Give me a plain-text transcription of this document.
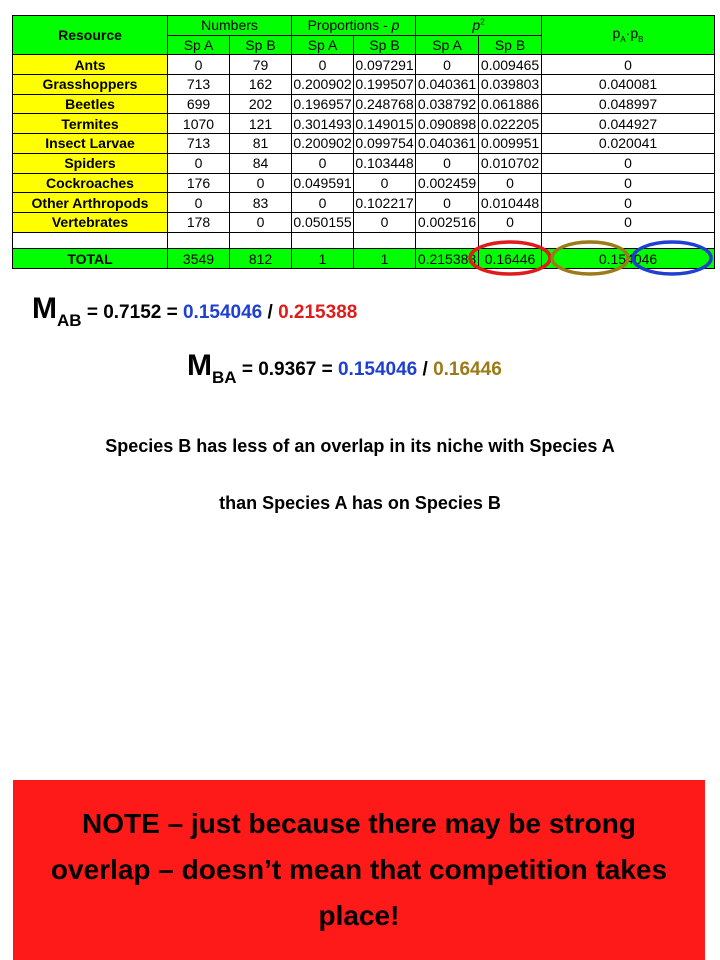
Resource	Numbers		Proportions - p		$p^2$		$p_A\cdot p_B$
	Sp A	Sp B	Sp A	Sp B	Sp A	Sp B	
Ants	0	79	0	0.097291	0	0.009465	0
Grasshoppers	713	162	0.200902	0.199507	0.040361	0.039803	0.040081
Beetles	699	202	0.196957	0.248768	0.038792	0.061886	0.048997
Termites	1070	121	0.301493	0.149015	0.090898	0.022205	0.044927
Insect Larvae	713	81	0.200902	0.099754	0.040361	0.009951	0.020041
Spiders	0	84	0	0.103448	0	0.010702	0
Cockroaches	176	0	0.049591	0	0.002459	0	0
Other Arthropods	0	83	0	0.102217	0	0.010448	0
Vertebrates	178	0	0.050155	0	0.002516	0	0

TOTAL	3549	812	1	1	0.215388	0.16446	0.154046
MAB = 0.7152 = 0.154046 / 0.215388
MBA = 0.9367 = 0.154046 / 0.16446
Species B has less of an overlap in its niche with Species A
than Species A has on Species B
NOTE – just because there may be strong overlap – doesn’t mean that competition takes place!
